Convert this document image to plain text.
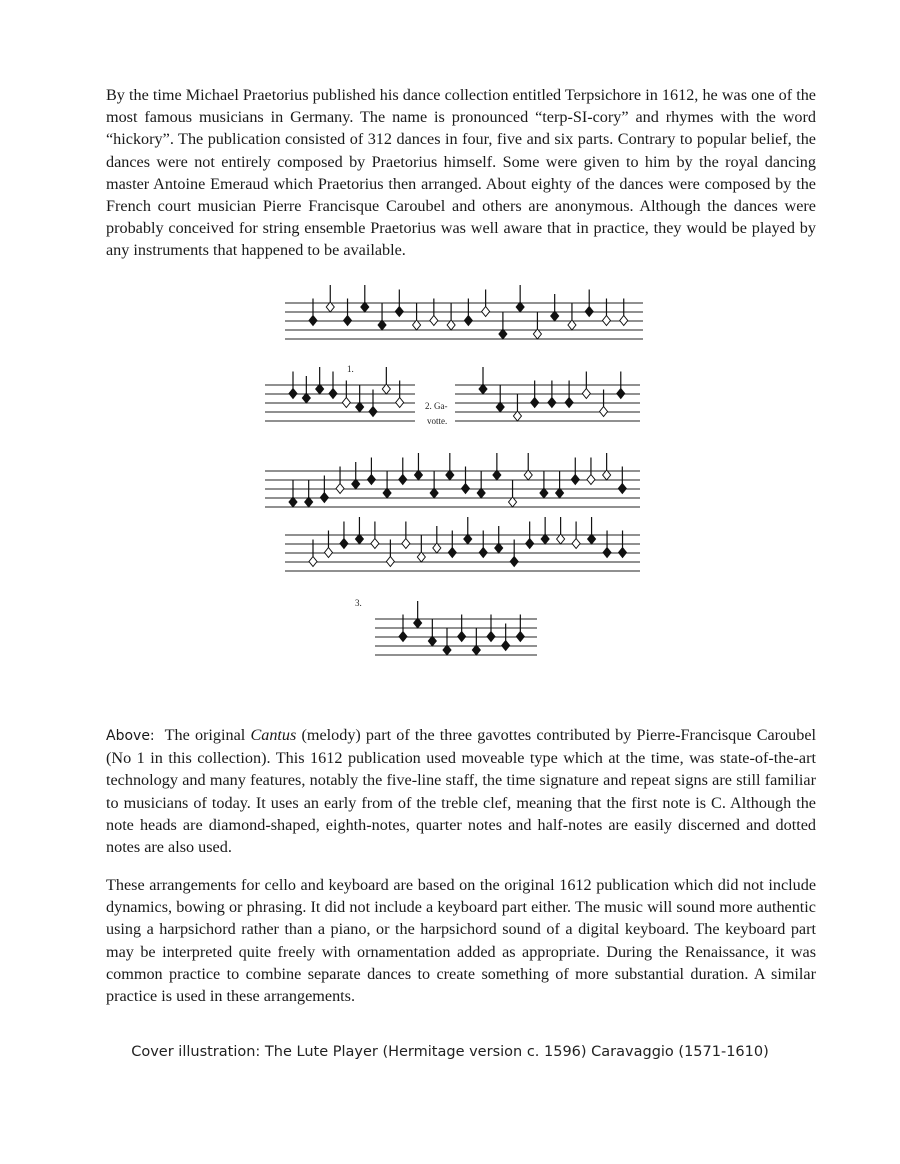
By the time Michael Praetorius published his dance collection entitled Terpsichore in 1612, he was one of the most famous musicians in Germany. The name is pronounced “terp-SI-cory” and rhymes with the word “hickory”. The publication consisted of 312 dances in four, five and six parts. Contrary to popular belief, the dances were not entirely composed by Praetorius himself. Some were given to him by the royal dancing master Antoine Emeraud which Praetorius then arranged. About eighty of the dances were composed by the French court musician Pierre Francisque Caroubel and others are anonymous. Although the dances were probably conceived for string ensemble Praetorius was well aware that in practice, they would be played by any instruments that happened to be available.

1.
2. Ga-
votte.
3.

Above: The original Cantus (melody) part of the three gavottes contributed by Pierre-Francisque Caroubel (No 1 in this collection). This 1612 publication used moveable type which at the time, was state-of-the-art technology and many features, notably the five-line staff, the time signature and repeat signs are still familiar to musicians of today. It uses an early from of the treble clef, meaning that the first note is C. Although the note heads are diamond-shaped, eighth-notes, quarter notes and half-notes are easily discerned and dotted notes are also used.

These arrangements for cello and keyboard are based on the original 1612 publication which did not include dynamics, bowing or phrasing. It did not include a keyboard part either. The music will sound more authentic using a harpsichord rather than a piano, or the harpsichord sound of a digital keyboard. The keyboard part may be interpreted quite freely with ornamentation added as appropriate. During the Renaissance, it was common practice to combine separate dances to create something of more substantial duration. A similar practice is used in these arrangements.

Cover illustration: The Lute Player (Hermitage version c. 1596) Caravaggio (1571-1610)
